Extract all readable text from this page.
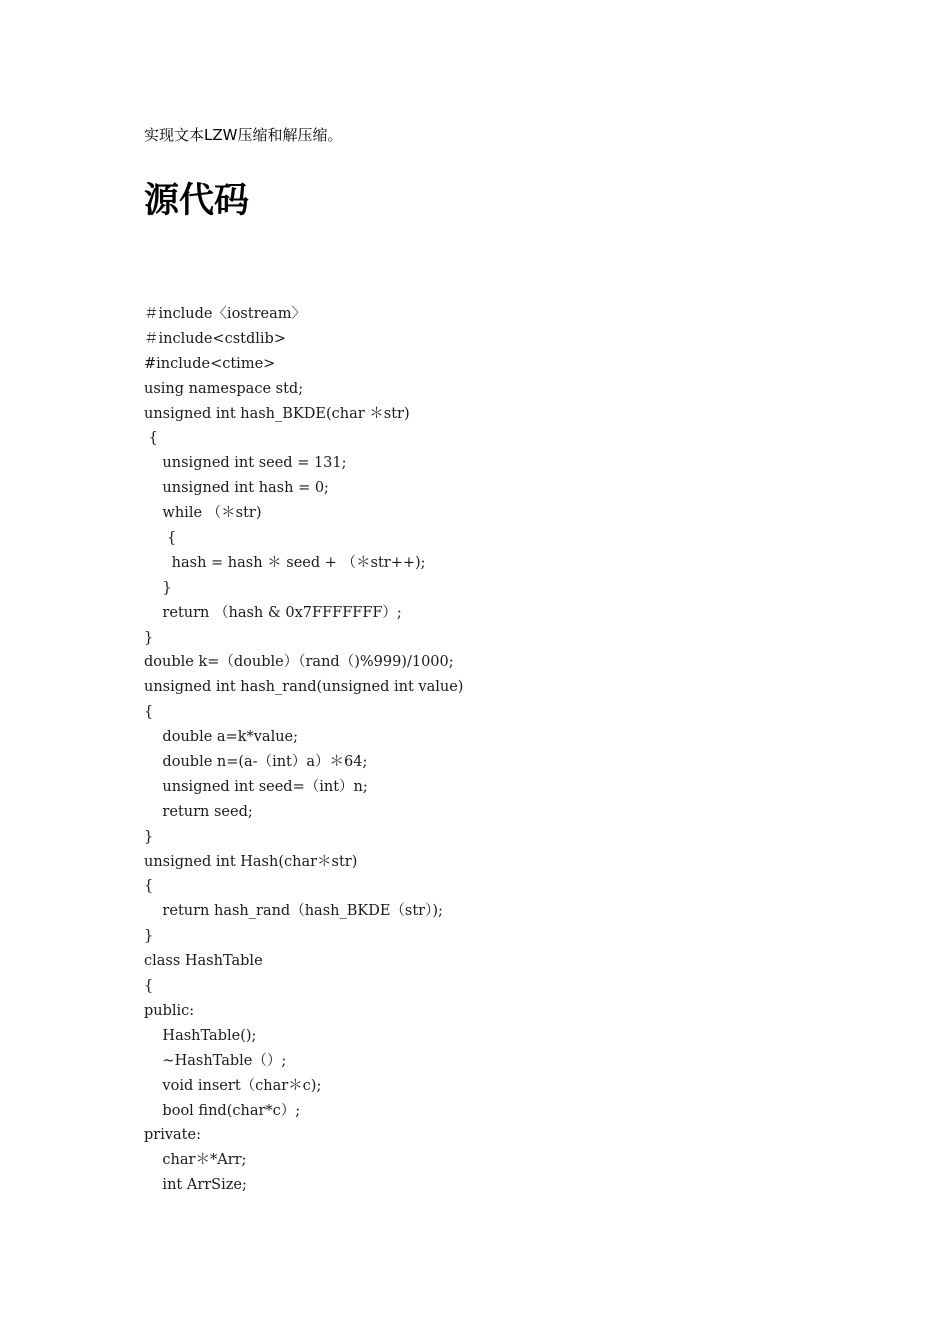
实现文本LZW压缩和解压缩。
源代码
＃include〈iostream〉
＃include<cstdlib>
#include<ctime>
using namespace std;
unsigned int hash_BKDE(char ＊str)
{
unsigned int seed = 131;
unsigned int hash = 0;
while （＊str)
{
hash = hash ＊ seed + （＊str++);
}
return （hash & 0x7FFFFFFF）;
}
double k=（double）（rand（)%999)/1000;
unsigned int hash_rand(unsigned int value)
{
double a=k*value;
double n=(a-（int）a）＊64;
unsigned int seed=（int）n;
return seed;
}
unsigned int Hash(char＊str)
{
return hash_rand（hash_BKDE（str）);
}
class HashTable
{
public:
HashTable();
~HashTable（）;
void insert（char＊c);
bool find(char*c）;
private:
char＊*Arr;
int ArrSize;
